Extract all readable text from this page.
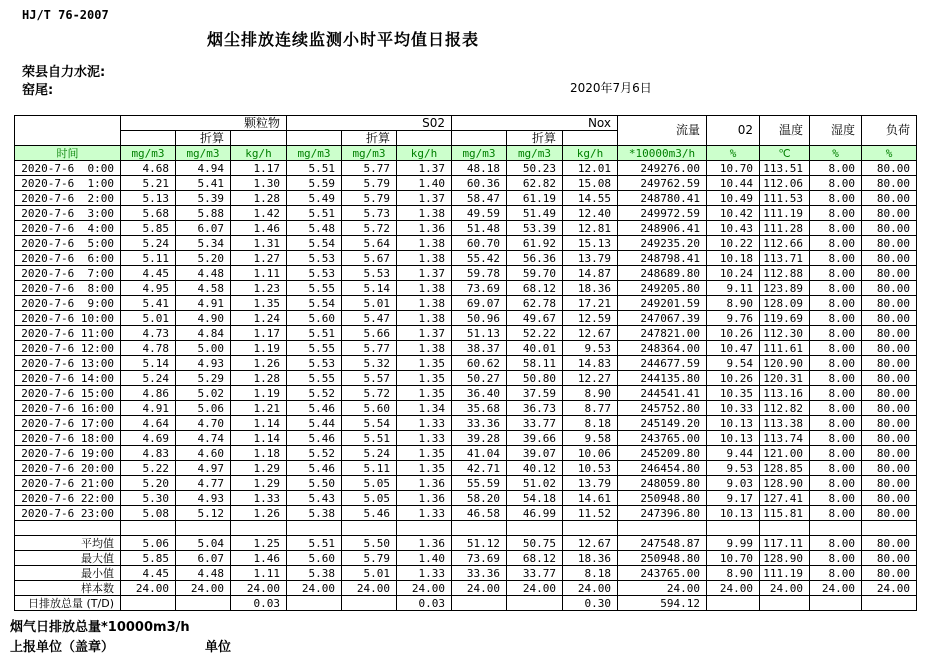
HJ/T 76-2007
烟尘排放连续监测小时平均值日报表
荣县自力水泥:
窑尾:	2020年7月6日
	颗粒物			S02			Nox			流量	02	温度	湿度	负荷
		折算			折算			折算						
时间	mg/m3	mg/m3	kg/h	mg/m3	mg/m3	kg/h	mg/m3	mg/m3	kg/h	*10000m3/h	%	℃	%	%
2020-7-6  0:00	4.68	4.94	1.17	5.51	5.77	1.37	48.18	50.23	12.01	249276.00	10.70	113.51	8.00	80.00
2020-7-6  1:00	5.21	5.41	1.30	5.59	5.79	1.40	60.36	62.82	15.08	249762.59	10.44	112.06	8.00	80.00
2020-7-6  2:00	5.13	5.39	1.28	5.49	5.79	1.37	58.47	61.19	14.55	248780.41	10.49	111.53	8.00	80.00
2020-7-6  3:00	5.68	5.88	1.42	5.51	5.73	1.38	49.59	51.49	12.40	249972.59	10.42	111.19	8.00	80.00
2020-7-6  4:00	5.85	6.07	1.46	5.48	5.72	1.36	51.48	53.39	12.81	248906.41	10.43	111.28	8.00	80.00
2020-7-6  5:00	5.24	5.34	1.31	5.54	5.64	1.38	60.70	61.92	15.13	249235.20	10.22	112.66	8.00	80.00
2020-7-6  6:00	5.11	5.20	1.27	5.53	5.67	1.38	55.42	56.36	13.79	248798.41	10.18	113.71	8.00	80.00
2020-7-6  7:00	4.45	4.48	1.11	5.53	5.53	1.37	59.78	59.70	14.87	248689.80	10.24	112.88	8.00	80.00
2020-7-6  8:00	4.95	4.58	1.23	5.55	5.14	1.38	73.69	68.12	18.36	249205.80	9.11	123.89	8.00	80.00
2020-7-6  9:00	5.41	4.91	1.35	5.54	5.01	1.38	69.07	62.78	17.21	249201.59	8.90	128.09	8.00	80.00
2020-7-6 10:00	5.01	4.90	1.24	5.60	5.47	1.38	50.96	49.67	12.59	247067.39	9.76	119.69	8.00	80.00
2020-7-6 11:00	4.73	4.84	1.17	5.51	5.66	1.37	51.13	52.22	12.67	247821.00	10.26	112.30	8.00	80.00
2020-7-6 12:00	4.78	5.00	1.19	5.55	5.77	1.38	38.37	40.01	9.53	248364.00	10.47	111.61	8.00	80.00
2020-7-6 13:00	5.14	4.93	1.26	5.53	5.32	1.35	60.62	58.11	14.83	244677.59	9.54	120.90	8.00	80.00
2020-7-6 14:00	5.24	5.29	1.28	5.55	5.57	1.35	50.27	50.80	12.27	244135.80	10.26	120.31	8.00	80.00
2020-7-6 15:00	4.86	5.02	1.19	5.52	5.72	1.35	36.40	37.59	8.90	244541.41	10.35	113.16	8.00	80.00
2020-7-6 16:00	4.91	5.06	1.21	5.46	5.60	1.34	35.68	36.73	8.77	245752.80	10.33	112.82	8.00	80.00
2020-7-6 17:00	4.64	4.70	1.14	5.44	5.54	1.33	33.36	33.77	8.18	245149.20	10.13	113.38	8.00	80.00
2020-7-6 18:00	4.69	4.74	1.14	5.46	5.51	1.33	39.28	39.66	9.58	243765.00	10.13	113.74	8.00	80.00
2020-7-6 19:00	4.83	4.60	1.18	5.52	5.24	1.35	41.04	39.07	10.06	245209.80	9.44	121.00	8.00	80.00
2020-7-6 20:00	5.22	4.97	1.29	5.46	5.11	1.35	42.71	40.12	10.53	246454.80	9.53	128.85	8.00	80.00
2020-7-6 21:00	5.20	4.77	1.29	5.50	5.05	1.36	55.59	51.02	13.79	248059.80	9.03	128.90	8.00	80.00
2020-7-6 22:00	5.30	4.93	1.33	5.43	5.05	1.36	58.20	54.18	14.61	250948.80	9.17	127.41	8.00	80.00
2020-7-6 23:00	5.08	5.12	1.26	5.38	5.46	1.33	46.58	46.99	11.52	247396.80	10.13	115.81	8.00	80.00

平均值	5.06	5.04	1.25	5.51	5.50	1.36	51.12	50.75	12.67	247548.87	9.99	117.11	8.00	80.00
最大值	5.85	6.07	1.46	5.60	5.79	1.40	73.69	68.12	18.36	250948.80	10.70	128.90	8.00	80.00
最小值	4.45	4.48	1.11	5.38	5.01	1.33	33.36	33.77	8.18	243765.00	8.90	111.19	8.00	80.00
样本数	24.00	24.00	24.00	24.00	24.00	24.00	24.00	24.00	24.00	24.00	24.00	24.00	24.00	24.00
日排放总量 (T/D)			0.03			0.03			0.30	594.12				
烟气日排放总量*10000m3/h
上报单位（盖章）	单位
